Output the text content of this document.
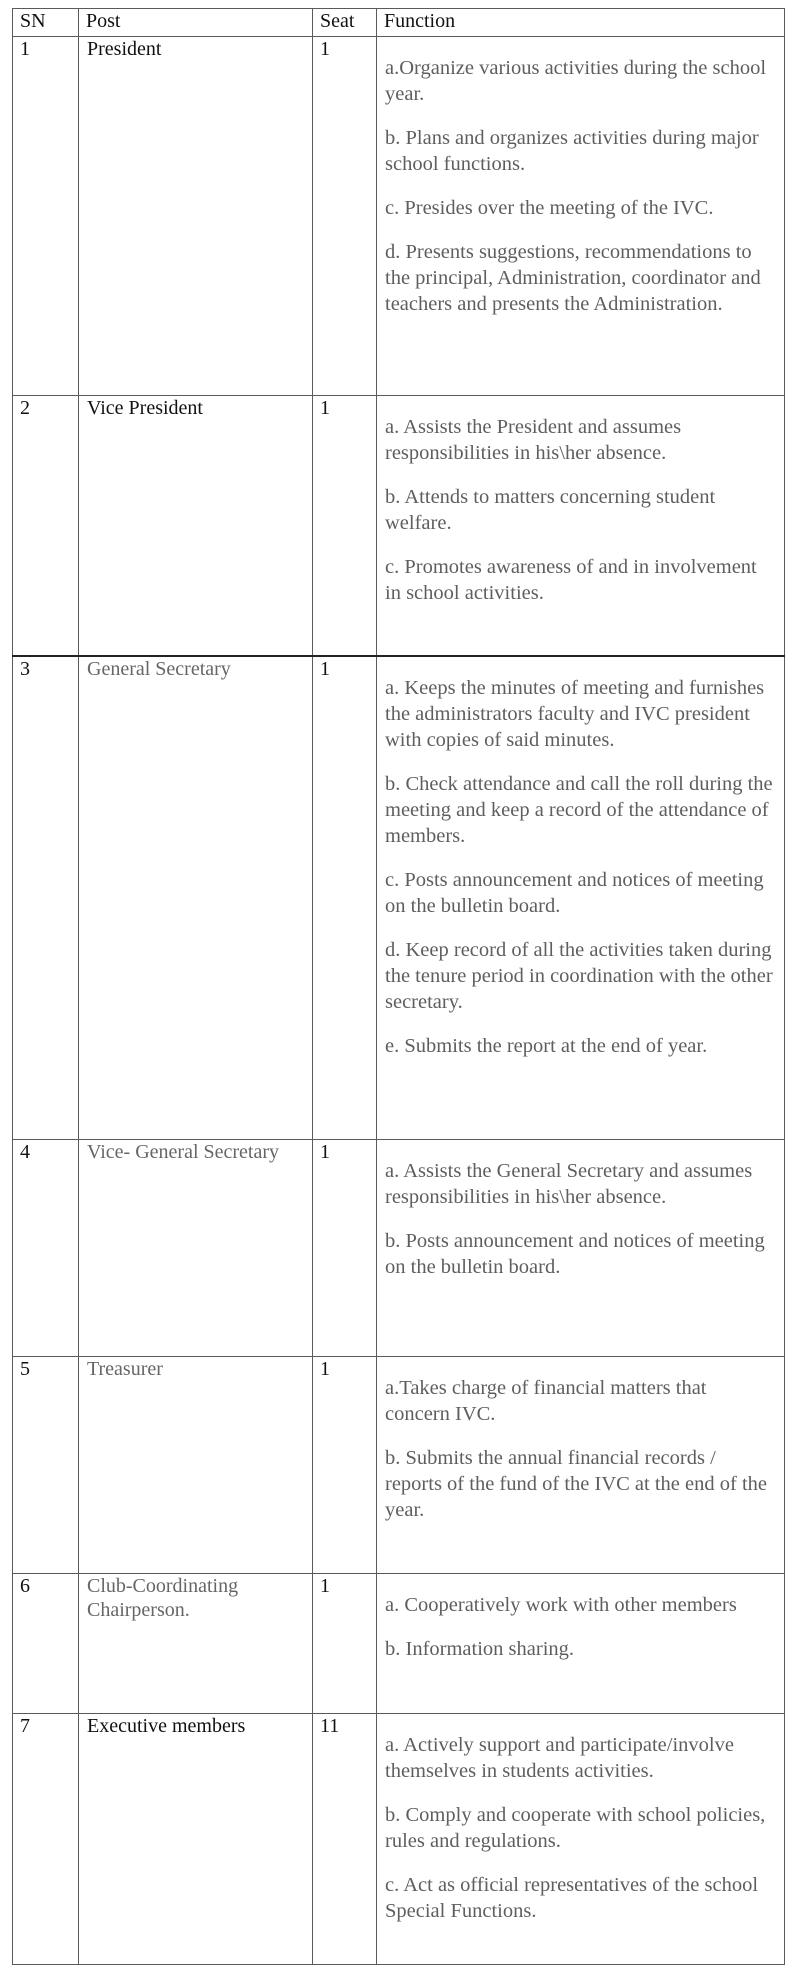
SN	Post	Seat	Function
1	President	1	a.Organize various activities during the school year.

b. Plans and organizes activities during major school functions.

c. Presides over the meeting of the IVC.

d. Presents suggestions, recommendations to the principal, Administration, coordinator and teachers and presents the Administration.

2	Vice President	1	a. Assists the President and assumes responsibilities in his\her absence.

b. Attends to matters concerning student welfare.

c. Promotes awareness of and in involvement in school activities.

3	General Secretary	1	a. Keeps the minutes of meeting and furnishes the administrators faculty and IVC president with copies of said minutes.

b. Check attendance and call the roll during the meeting and keep a record of the attendance of members.

c. Posts announcement and notices of meeting on the bulletin board.

d. Keep record of all the activities taken during the tenure period in coordination with the other secretary.

e. Submits the report at the end of year.

4	Vice- General Secretary	1	a. Assists the General Secretary and assumes responsibilities in his\her absence.

b. Posts announcement and notices of meeting on the bulletin board.

5	Treasurer	1	a.Takes charge of financial matters that concern IVC.

b. Submits the annual financial records / reports of the fund of the IVC at the end of the year.

6	Club-Coordinating Chairperson.	1	a. Cooperatively work with other members

b. Information sharing.

7	Executive members	11	a. Actively support and participate/involve themselves in students activities.

b. Comply and cooperate with school policies, rules and regulations.

c. Act as official representatives of the school Special Functions.
